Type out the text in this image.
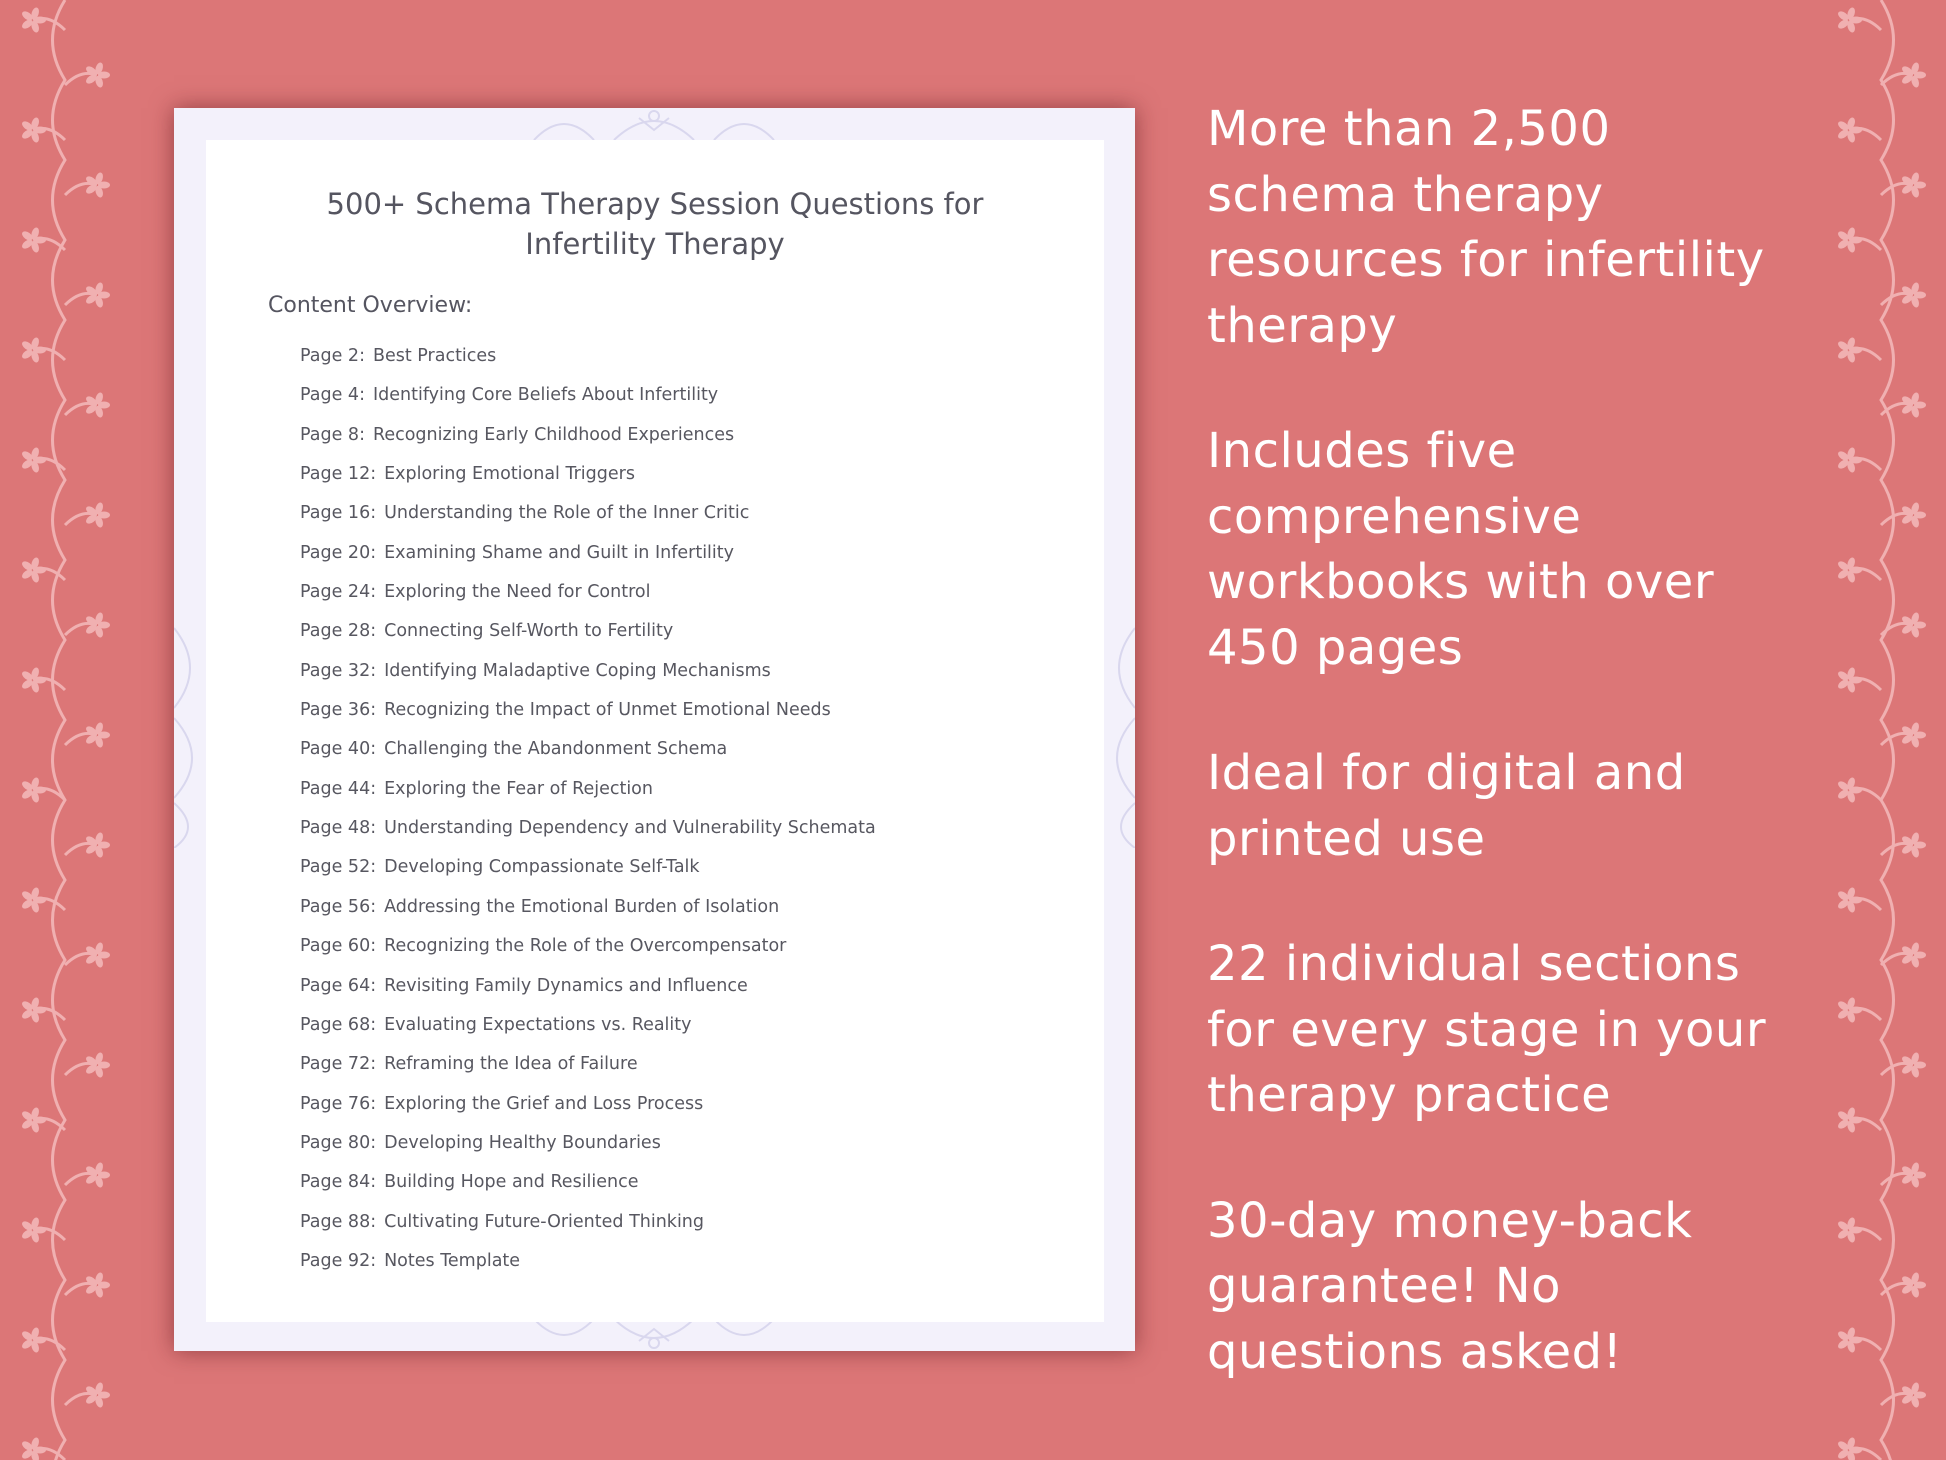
500+ Schema Therapy Session Questions for
Infertility Therapy
Content Overview:
Page 2: Best Practices
Page 4: Identifying Core Beliefs About Infertility
Page 8: Recognizing Early Childhood Experiences
Page 12: Exploring Emotional Triggers
Page 16: Understanding the Role of the Inner Critic
Page 20: Examining Shame and Guilt in Infertility
Page 24: Exploring the Need for Control
Page 28: Connecting Self-Worth to Fertility
Page 32: Identifying Maladaptive Coping Mechanisms
Page 36: Recognizing the Impact of Unmet Emotional Needs
Page 40: Challenging the Abandonment Schema
Page 44: Exploring the Fear of Rejection
Page 48: Understanding Dependency and Vulnerability Schemata
Page 52: Developing Compassionate Self-Talk
Page 56: Addressing the Emotional Burden of Isolation
Page 60: Recognizing the Role of the Overcompensator
Page 64: Revisiting Family Dynamics and Influence
Page 68: Evaluating Expectations vs. Reality
Page 72: Reframing the Idea of Failure
Page 76: Exploring the Grief and Loss Process
Page 80: Developing Healthy Boundaries
Page 84: Building Hope and Resilience
Page 88: Cultivating Future-Oriented Thinking
Page 92: Notes Template
More than 2,500
schema therapy
resources for infertility
therapy
Includes five
comprehensive
workbooks with over
450 pages
Ideal for digital and
printed use
22 individual sections
for every stage in your
therapy practice
30-day money-back
guarantee! No
questions asked!
